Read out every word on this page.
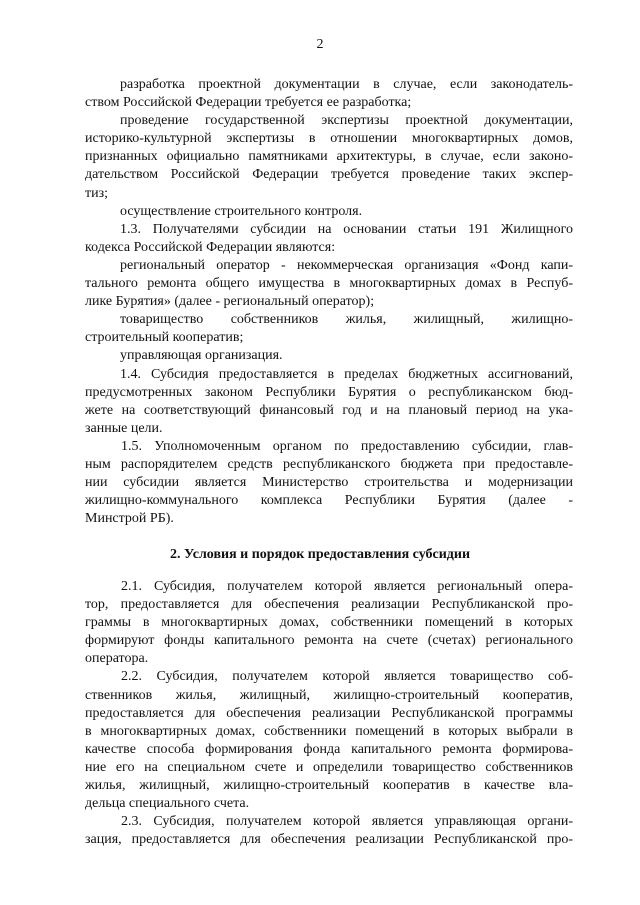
2
разработка проектной документации в случае, если законодатель-
ством Российской Федерации требуется ее разработка;
проведение государственной экспертизы проектной документации,
историко-культурной экспертизы в отношении многоквартирных домов,
признанных официально памятниками архитектуры, в случае, если законо-
дательством Российской Федерации требуется проведение таких экспер-
тиз;
осуществление строительного контроля.
1.3. Получателями субсидии на основании статьи 191 Жилищного
кодекса Российской Федерации являются:
региональный оператор - некоммерческая организация «Фонд капи-
тального ремонта общего имущества в многоквартирных домах в Респуб-
лике Бурятия» (далее - региональный оператор);
товарищество собственников жилья, жилищный, жилищно-
строительный кооператив;
управляющая организация.
1.4. Субсидия предоставляется в пределах бюджетных ассигнований,
предусмотренных законом Республики Бурятия о республиканском бюд-
жете на соответствующий финансовый год и на плановый период на ука-
занные цели.
1.5. Уполномоченным органом по предоставлению субсидии, глав-
ным распорядителем средств республиканского бюджета при предоставле-
нии субсидии является Министерство строительства и модернизации
жилищно-коммунального комплекса Республики Бурятия (далее -
Минстрой РБ).
2. Условия и порядок предоставления субсидии
2.1. Субсидия, получателем которой является региональный опера-
тор, предоставляется для обеспечения реализации Республиканской про-
граммы в многоквартирных домах, собственники помещений в которых
формируют фонды капитального ремонта на счете (счетах) регионального
оператора.
2.2. Субсидия, получателем которой является товарищество соб-
ственников жилья, жилищный, жилищно-строительный кооператив,
предоставляется для обеспечения реализации Республиканской программы
в многоквартирных домах, собственники помещений в которых выбрали в
качестве способа формирования фонда капитального ремонта формирова-
ние его на специальном счете и определили товарищество собственников
жилья, жилищный, жилищно-строительный кооператив в качестве вла-
дельца специального счета.
2.3. Субсидия, получателем которой является управляющая органи-
зация, предоставляется для обеспечения реализации Республиканской про-
